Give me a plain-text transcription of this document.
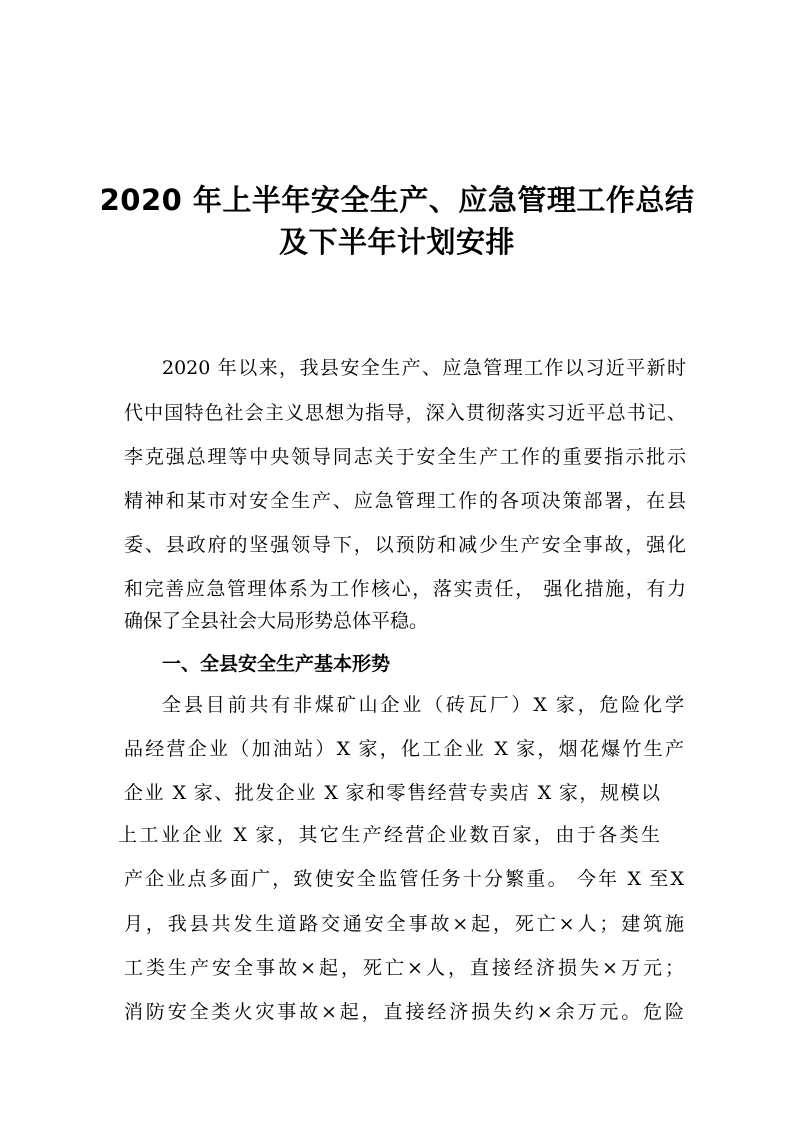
2020 年上半年安全生产、应急管理工作总结
及下半年计划安排
2020 年以来，我县安全生产、应急管理工作以习近平新时
代中国特色社会主义思想为指导，深入贯彻落实习近平总书记、
李克强总理等中央领导同志关于安全生产工作的重要指示批示
精神和某市对安全生产、应急管理工作的各项决策部署，在县
委、县政府的坚强领导下，以预防和减少生产安全事故，强化
和完善应急管理体系为工作核心，落实责任， 强化措施，有力
确保了全县社会大局形势总体平稳。
一、全县安全生产基本形势
全县目前共有非煤矿山企业（砖瓦厂）X 家，危险化学
品经营企业（加油站）X 家，化工企业 X 家，烟花爆竹生产
企业 X 家、批发企业 X 家和零售经营专卖店 X 家，规模以
上工业企业 X 家，其它生产经营企业数百家，由于各类生
产企业点多面广，致使安全监管任务十分繁重。 今年 X 至X
月，我县共发生道路交通安全事故×起，死亡×人；建筑施
工类生产安全事故×起，死亡×人，直接经济损失×万元；
消防安全类火灾事故×起，直接经济损失约×余万元。危险
